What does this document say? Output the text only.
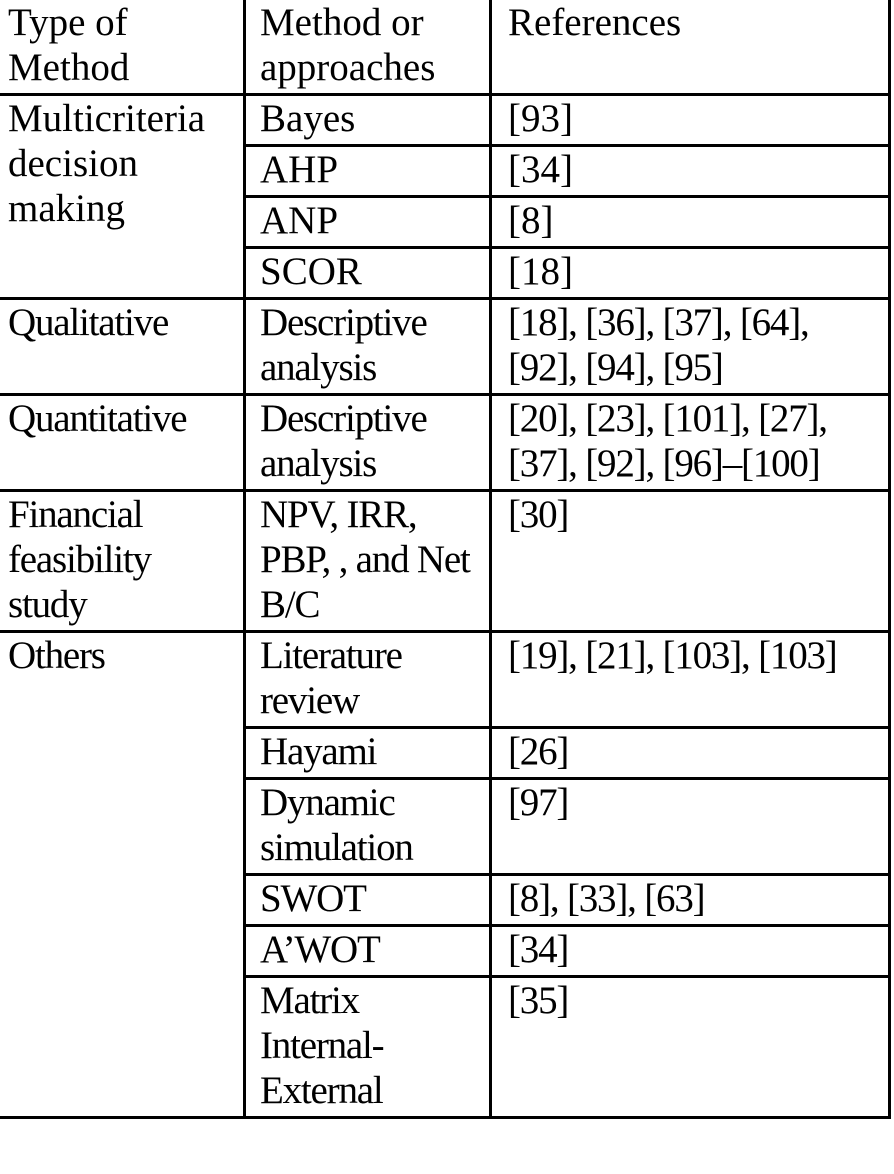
Type of Method	Method or approaches	References
Multicriteria decision making	Bayes	[93]
	AHP	[34]
	ANP	[8]
	SCOR	[18]
Qualitative	Descriptive analysis	[18], [36], [37], [64], [92], [94], [95]
Quantitative	Descriptive analysis	[20], [23], [101], [27], [37], [92], [96]–[100]
Financial feasibility study	NPV, IRR, PBP, , and Net B/C	[30]
Others	Literature review	[19], [21], [103], [103]
	Hayami	[26]
	Dynamic simulation	[97]
	SWOT	[8], [33], [63]
	A’WOT	[34]
	Matrix Internal-External	[35]
